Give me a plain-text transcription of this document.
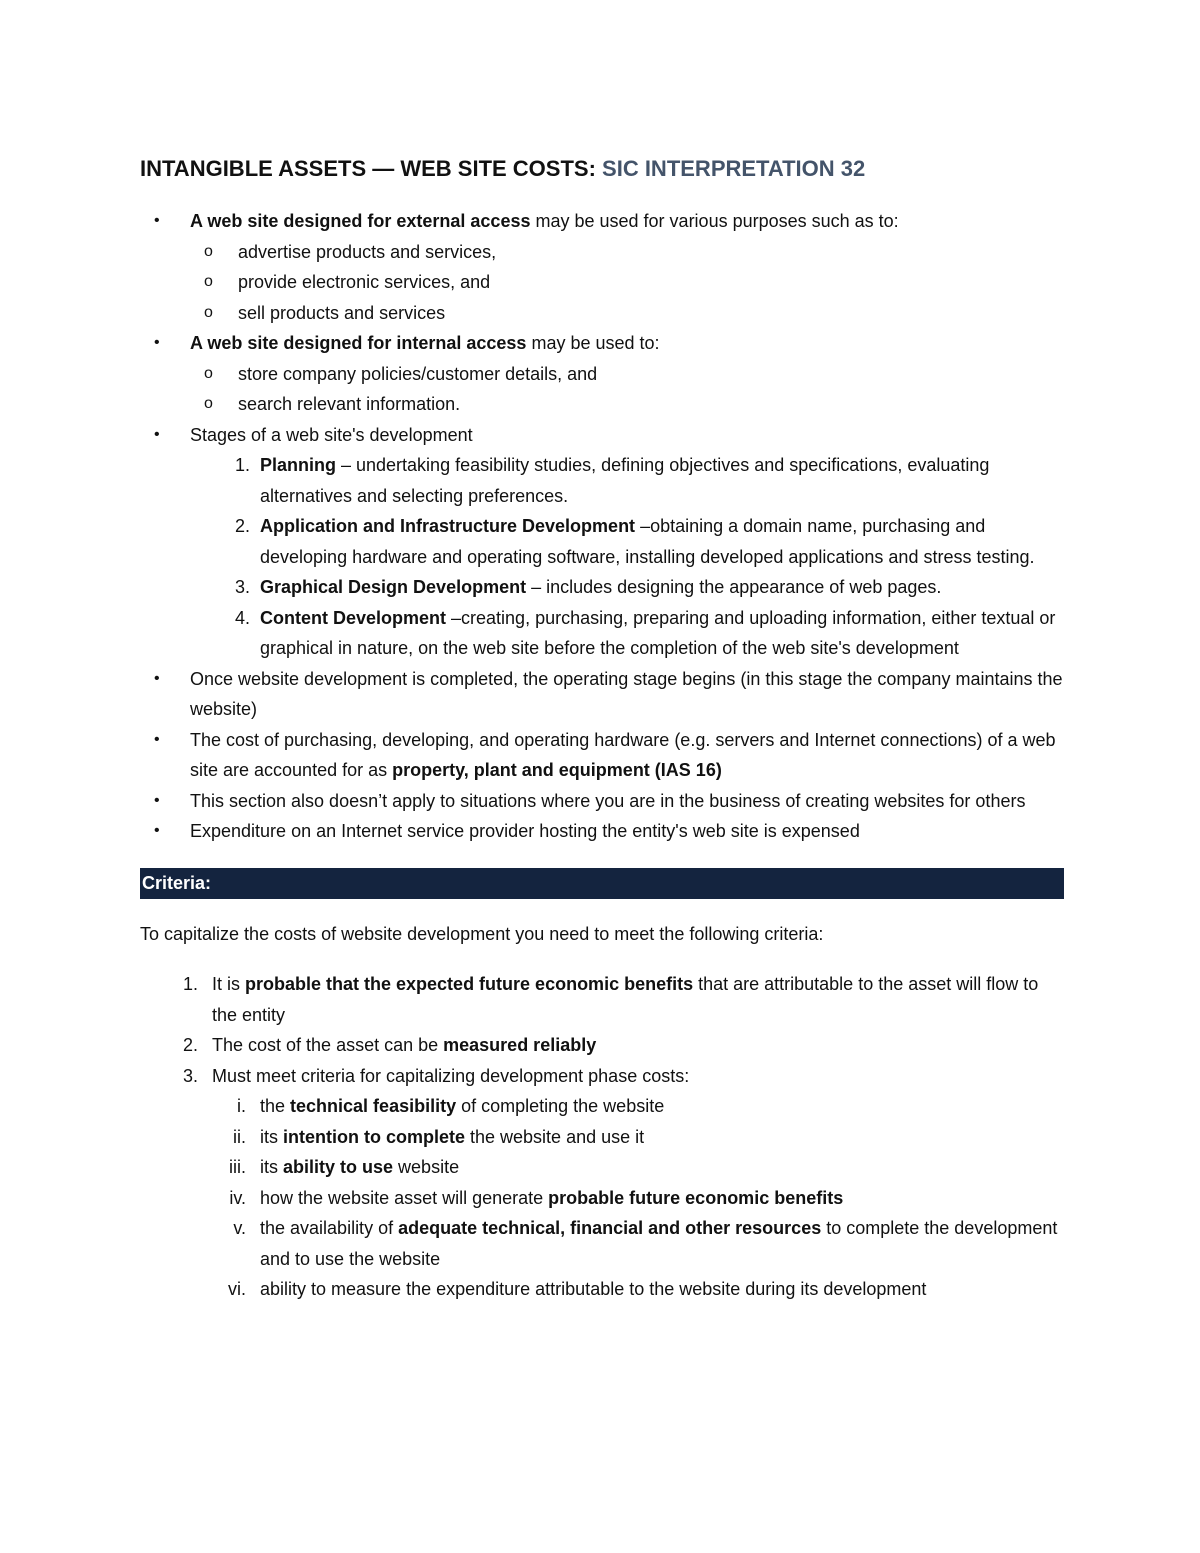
INTANGIBLE ASSETS — WEB SITE COSTS: SIC INTERPRETATION 32
• A web site designed for external access may be used for various purposes such as to:
o advertise products and services,
o provide electronic services, and
o sell products and services
• A web site designed for internal access may be used to:
o store company policies/customer details, and
o search relevant information.
• Stages of a web site's development
1. Planning – undertaking feasibility studies, defining objectives and specifications, evaluating alternatives and selecting preferences.
2. Application and Infrastructure Development –obtaining a domain name, purchasing and developing hardware and operating software, installing developed applications and stress testing.
3. Graphical Design Development – includes designing the appearance of web pages.
4. Content Development –creating, purchasing, preparing and uploading information, either textual or graphical in nature, on the web site before the completion of the web site's development
• Once website development is completed, the operating stage begins (in this stage the company maintains the website)
• The cost of purchasing, developing, and operating hardware (e.g. servers and Internet connections) of a web site are accounted for as property, plant and equipment (IAS 16)
• This section also doesn’t apply to situations where you are in the business of creating websites for others
• Expenditure on an Internet service provider hosting the entity's web site is expensed
Criteria:
To capitalize the costs of website development you need to meet the following criteria:
1. It is probable that the expected future economic benefits that are attributable to the asset will flow to the entity
2. The cost of the asset can be measured reliably
3. Must meet criteria for capitalizing development phase costs:
i. the technical feasibility of completing the website
ii. its intention to complete the website and use it
iii. its ability to use website
iv. how the website asset will generate probable future economic benefits
v. the availability of adequate technical, financial and other resources to complete the development and to use the website
vi. ability to measure the expenditure attributable to the website during its development
